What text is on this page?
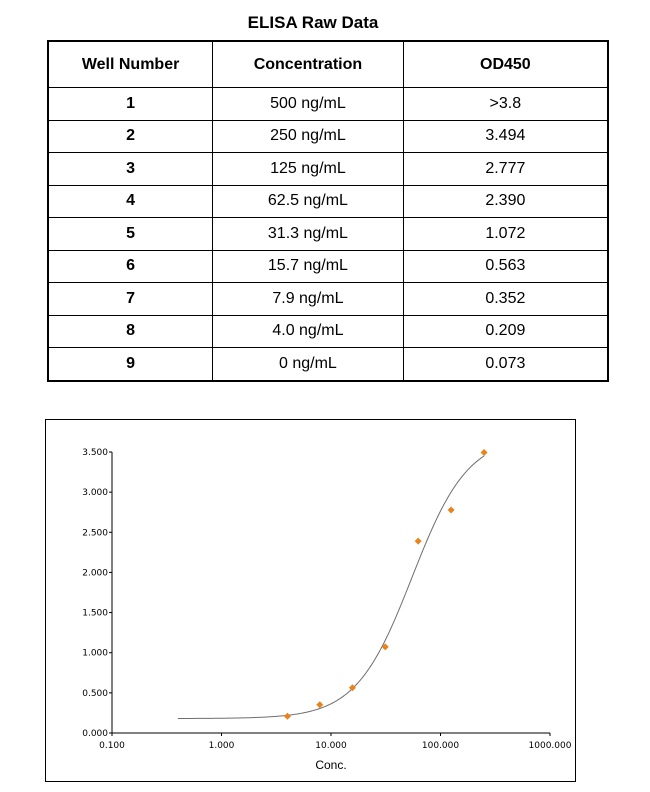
ELISA Raw Data
Well Number	Concentration	OD450
1	500 ng/mL	>3.8
2	250 ng/mL	3.494
3	125 ng/mL	2.777
4	62.5 ng/mL	2.390
5	31.3 ng/mL	1.072
6	15.7 ng/mL	0.563
7	7.9 ng/mL	0.352
8	4.0 ng/mL	0.209
9	0 ng/mL	0.073
0.000
0.500
1.000
1.500
2.000
2.500
3.000
3.500
0.100	1.000	10.000	100.000	1000.000
Conc.
